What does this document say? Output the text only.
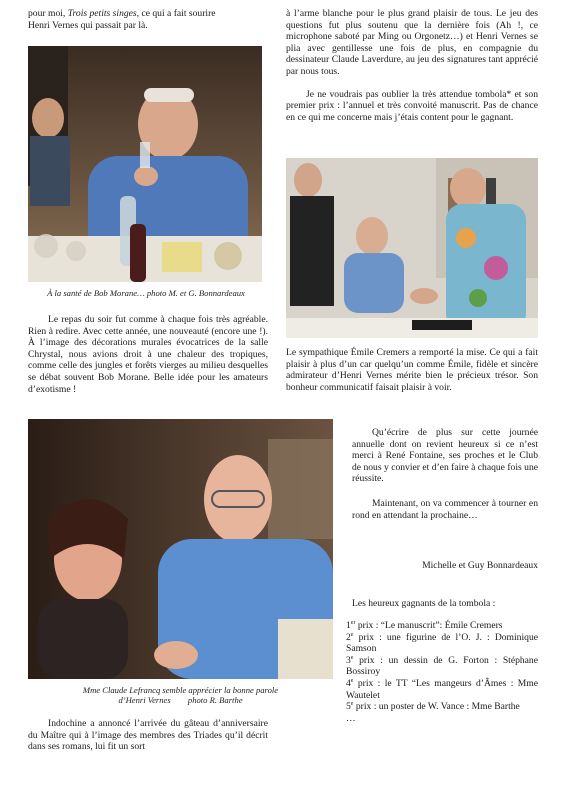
pour moi, Trois petits singes, ce qui a fait sourire
Henri Vernes qui passait par là.
à l’arme blanche pour le plus grand plaisir de tous. Le jeu des questions fut plus soutenu que la dernière fois (Ah !, ce microphone saboté par Ming ou Orgonetz…) et Henri Vernes se plia avec gentillesse une fois de plus, en compagnie du dessinateur Claude Laverdure, au jeu des signatures tant apprécié par nous tous.
Je ne voudrais pas oublier la très attendue tombola* et son premier prix : l’annuel et très convoité manuscrit. Pas de chance en ce qui me concerne mais j’étais content pour le gagnant.
À la santé de Bob Morane… photo M. et G. Bonnardeaux
Le sympathique Émile Cremers a remporté la mise. Ce qui a fait plaisir à plus d’un car quelqu’un comme Émile, fidèle et sincère admirateur d’Henri Vernes mérite bien le précieux trésor. Son bonheur communicatif faisait plaisir à voir.
Le repas du soir fut comme à chaque fois très agréable. Rien à redire. Avec cette année, une nouveauté (encore une !). À l’image des décorations murales évocatrices de la salle Chrystal, nous avions droit à une chaleur des tropiques, comme celle des jungles et forêts vierges au milieu desquelles se débat souvent Bob Morane. Belle idée pour les amateurs d’exotisme !
Mme Claude Lefrancq semble apprécier la bonne parole
d’Henri Vernes        photo R. Barthe
Indochine a annoncé l’arrivée du gâteau d’anniversaire du Maître qui à l’image des membres des Triades qu’il décrit dans ses romans, lui fit un sort
Qu’écrire de plus sur cette journée annuelle dont on revient heureux si ce n’est merci à René Fontaine, ses proches et le Club de nous y convier et d’en faire à chaque fois une réussite.
Maintenant, on va commencer à tourner en rond en attendant la prochaine…
Michelle et Guy Bonnardeaux
Les heureux gagnants de la tombola :

1er prix : “Le manuscrit”: Émile Cremers

2e prix : une figurine de l’O. J. : Dominique Samson

3e prix : un dessin de G. Forton : Stéphane Bossiroy

4e prix : le TT “Les mangeurs d’Âmes : Mme Wautelet

5e prix : un poster de W. Vance : Mme Barthe

…
